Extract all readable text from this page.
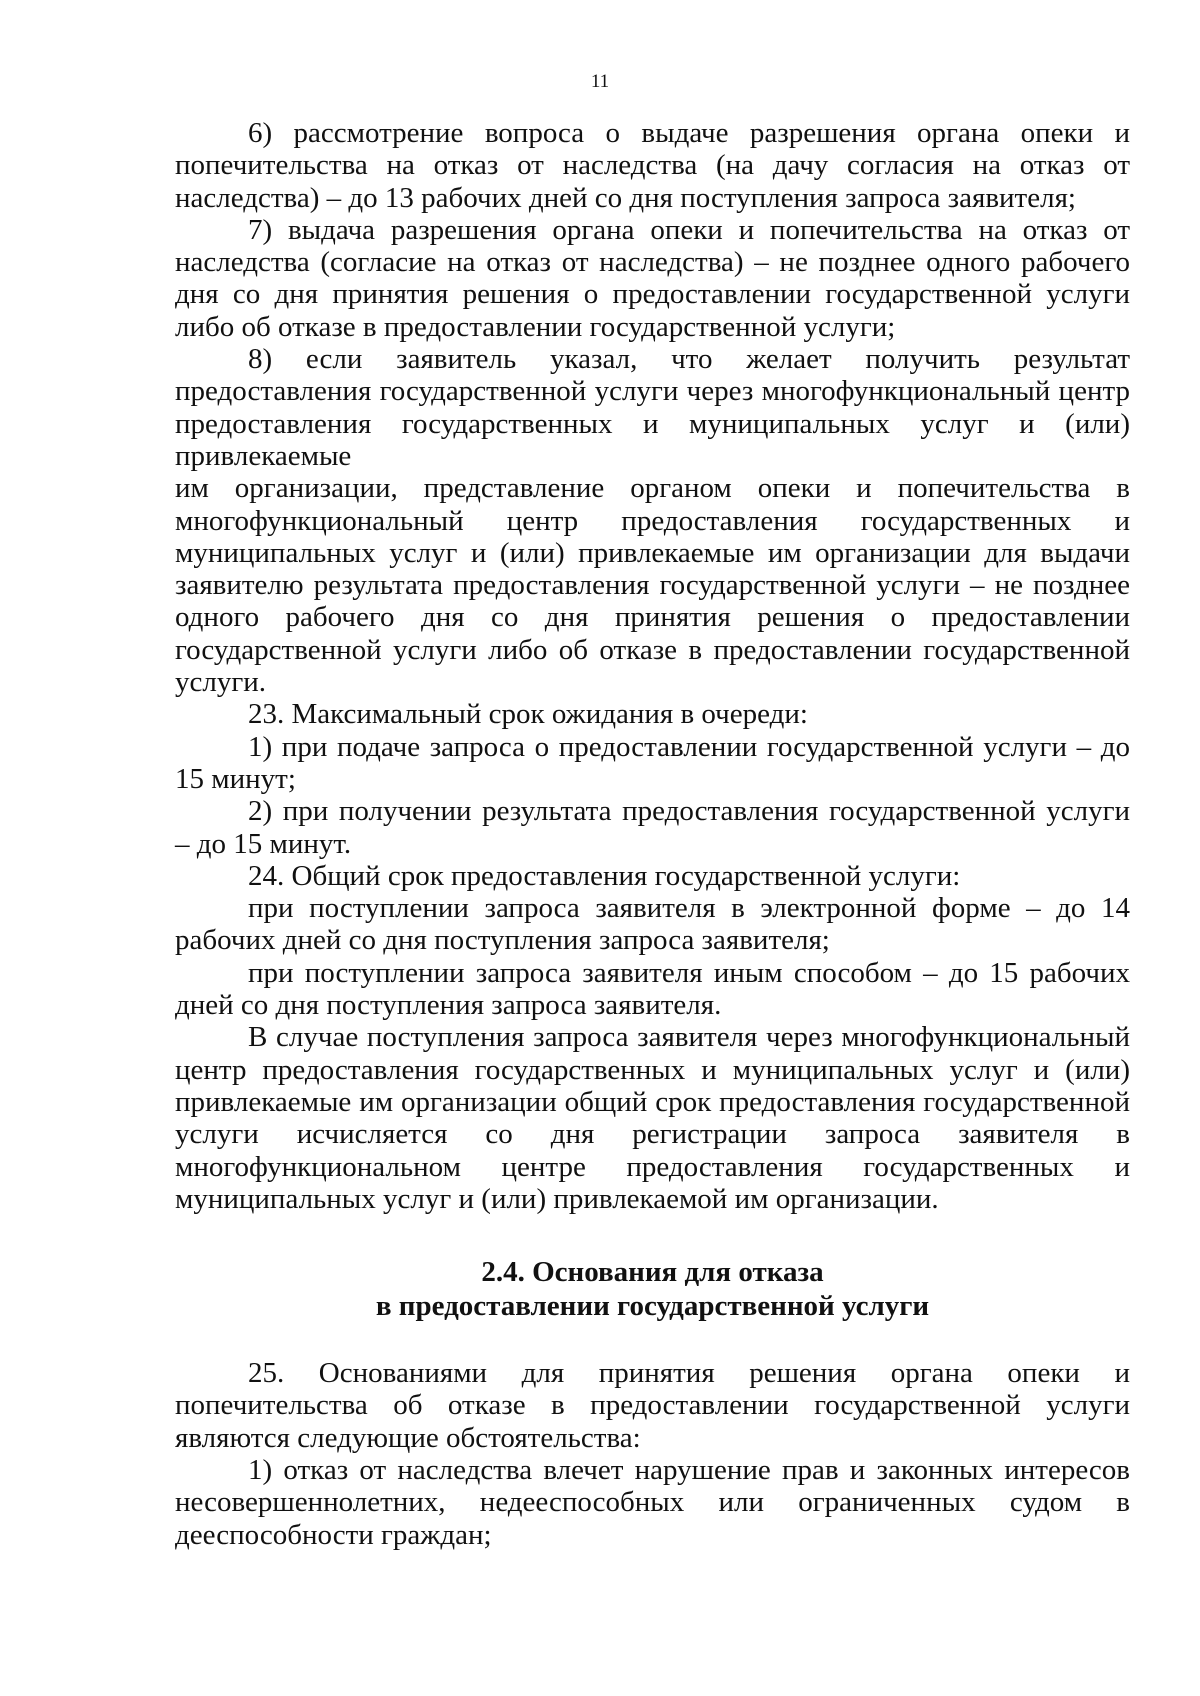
11

6) рассмотрение вопроса о выдаче разрешения органа опеки и попечительства на отказ от наследства (на дачу согласия на отказ от наследства) – до 13 рабочих дней со дня поступления запроса заявителя;

7) выдача разрешения органа опеки и попечительства на отказ от наследства (согласие на отказ от наследства) – не позднее одного рабочего дня со дня принятия решения о предоставлении государственной услуги либо об отказе в предоставлении государственной услуги;

8) если заявитель указал, что желает получить результат предоставления государственной услуги через многофункциональный центр предоставления государственных и муниципальных услуг и (или) привлекаемые

им организации, представление органом опеки и попечительства в многофункциональный центр предоставления государственных и муниципальных услуг и (или) привлекаемые им организации для выдачи заявителю результата предоставления государственной услуги – не позднее одного рабочего дня со дня принятия решения о предоставлении государственной услуги либо об отказе в предоставлении государственной услуги.

23. Максимальный срок ожидания в очереди:

1) при подаче запроса о предоставлении государственной услуги – до 15 минут;

2) при получении результата предоставления государственной услуги – до 15 минут.

24. Общий срок предоставления государственной услуги:

при поступлении запроса заявителя в электронной форме – до 14 рабочих дней со дня поступления запроса заявителя;

при поступлении запроса заявителя иным способом – до 15 рабочих дней со дня поступления запроса заявителя.

В случае поступления запроса заявителя через многофункциональный центр предоставления государственных и муниципальных услуг и (или) привлекаемые им организации общий срок предоставления государственной услуги исчисляется со дня регистрации запроса заявителя в многофункциональном центре предоставления государственных и муниципальных услуг и (или) привлекаемой им организации.

2.4. Основания для отказа
в предоставлении государственной услуги

25. Основаниями для принятия решения органа опеки и попечительства об отказе в предоставлении государственной услуги являются следующие обстоятельства:

1) отказ от наследства влечет нарушение прав и законных интересов несовершеннолетних, недееспособных или ограниченных судом в дееспособности граждан;
